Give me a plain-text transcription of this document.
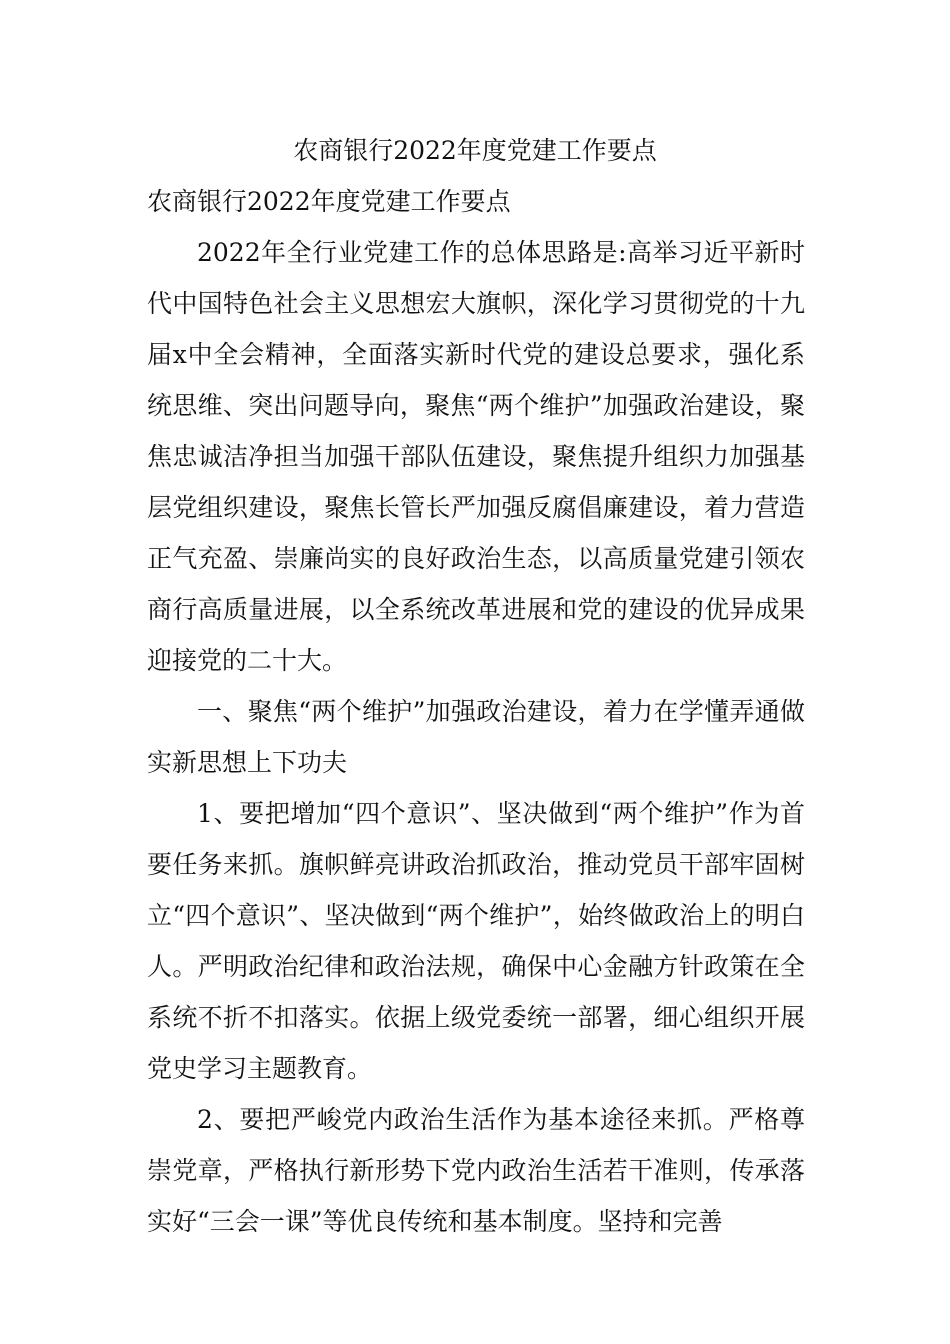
农商银行2022年度党建工作要点

农商银行2022年度党建工作要点

2022年全行业党建工作的总体思路是:高举习近平新时代中国特色社会主义思想宏大旗帜，深化学习贯彻党的十九届x中全会精神，全面落实新时代党的建设总要求，强化系统思维、突出问题导向，聚焦“两个维护”加强政治建设，聚焦忠诚洁净担当加强干部队伍建设，聚焦提升组织力加强基层党组织建设，聚焦长管长严加强反腐倡廉建设，着力营造正气充盈、崇廉尚实的良好政治生态，以高质量党建引领农商行高质量进展，以全系统改革进展和党的建设的优异成果迎接党的二十大。

一、聚焦“两个维护”加强政治建设，着力在学懂弄通做实新思想上下功夫

1、要把增加“四个意识”、坚决做到“两个维护”作为首要任务来抓。旗帜鲜亮讲政治抓政治，推动党员干部牢固树立“四个意识”、坚决做到“两个维护”，始终做政治上的明白人。严明政治纪律和政治法规，确保中心金融方针政策在全系统不折不扣落实。依据上级党委统一部署，细心组织开展党史学习主题教育。

2、要把严峻党内政治生活作为基本途径来抓。严格尊崇党章，严格执行新形势下党内政治生活若干准则，传承落实好“三会一课”等优良传统和基本制度。坚持和完善
